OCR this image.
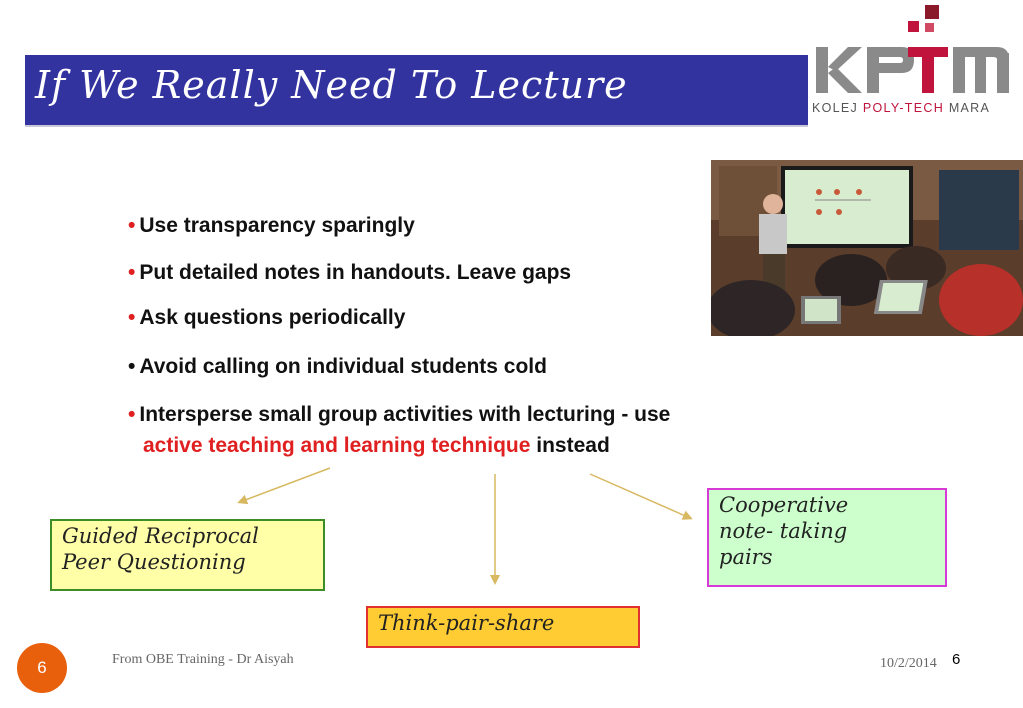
If We Really Need To Lecture
KOLEJ POLY-TECH MARA
• Use transparency sparingly
• Put detailed notes in handouts. Leave gaps
• Ask questions periodically
• Avoid calling on individual students cold
• Intersperse small group activities with lecturing - use
active teaching and learning technique instead
Guided Reciprocal
Peer Questioning
Cooperative
note- taking
pairs
Think-pair-share
6	From OBE Training - Dr Aisyah	10/2/2014 6
